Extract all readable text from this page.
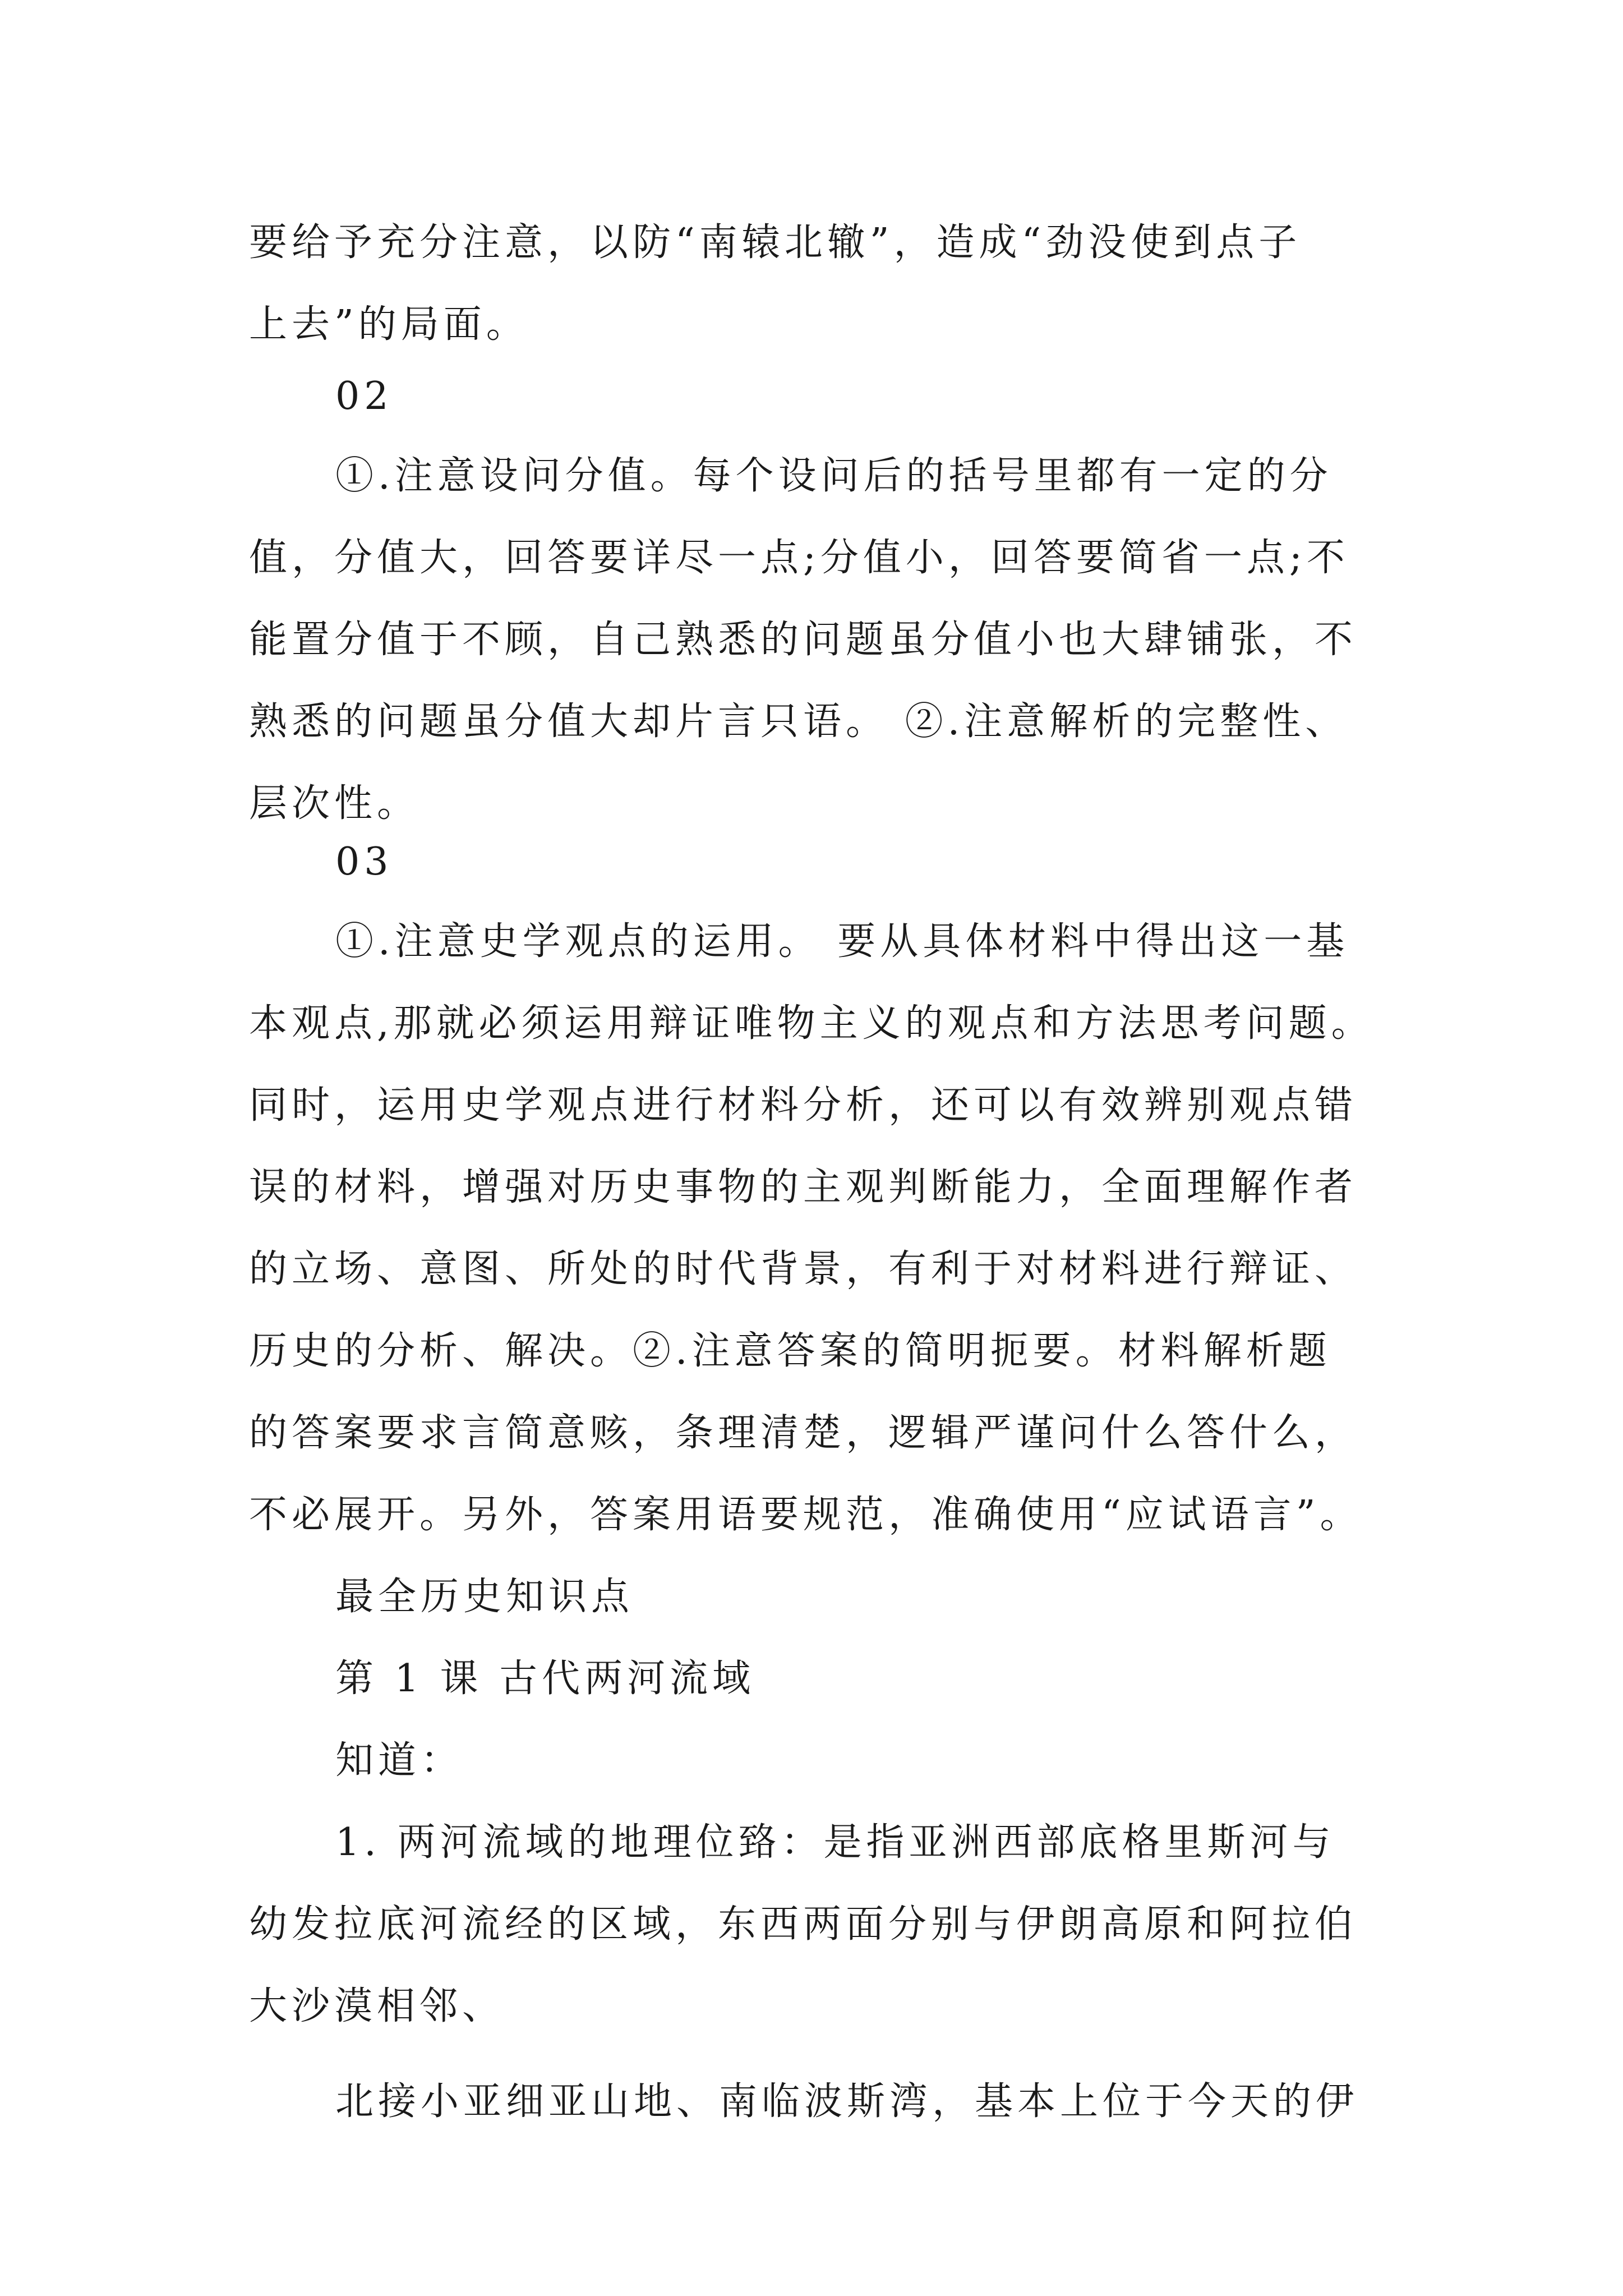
要给予充分注意，以防“南辕北辙”，造成“劲没使到点子
上去”的局面。
02
①.注意设问分值。每个设问后的括号里都有一定的分
值，分值大，回答要详尽一点;分值小，回答要简省一点;不
能置分值于不顾，自己熟悉的问题虽分值小也大肆铺张，不
熟悉的问题虽分值大却片言只语。 ②.注意解析的完整性、
层次性。
03
①.注意史学观点的运用。 要从具体材料中得出这一基
本观点,那就必须运用辩证唯物主义的观点和方法思考问题。
同时，运用史学观点进行材料分析，还可以有效辨别观点错
误的材料，增强对历史事物的主观判断能力，全面理解作者
的立场、意图、所处的时代背景，有利于对材料进行辩证、
历史的分析、解决。②.注意答案的简明扼要。材料解析题
的答案要求言简意赅，条理清楚，逻辑严谨问什么答什么，
不必展开。另外，答案用语要规范，准确使用“应试语言”。
最全历史知识点
第 1 课 古代两河流域
知道：
1. 两河流域的地理位臵：是指亚洲西部底格里斯河与
幼发拉底河流经的区域，东西两面分别与伊朗高原和阿拉伯
大沙漠相邻、
北接小亚细亚山地、南临波斯湾，基本上位于今天的伊
